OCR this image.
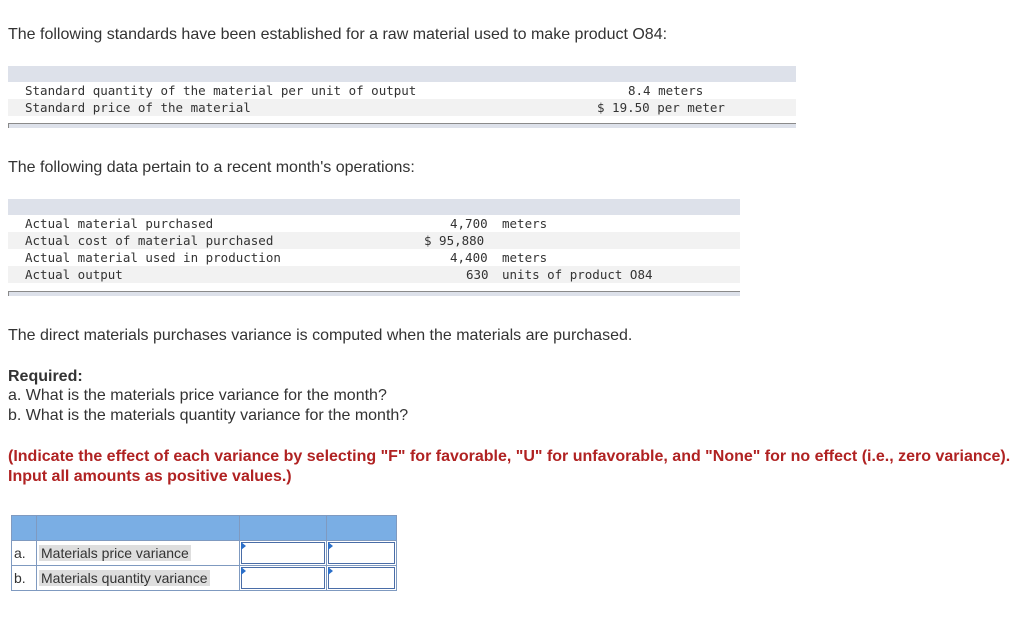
The following standards have been established for a raw material used to make product O84:

Standard quantity of the material per unit of output	8.4 meters
Standard price of the material	$ 19.50 per meter

The following data pertain to a recent month's operations:

Actual material purchased	4,700 meters
Actual cost of material purchased	$ 95,880
Actual material used in production	4,400 meters
Actual output	630 units of product O84

The direct materials purchases variance is computed when the materials are purchased.

Required:

a. What is the materials price variance for the month?

b. What is the materials quantity variance for the month?

(Indicate the effect of each variance by selecting "F" for favorable, "U" for unfavorable, and "None" for no effect (i.e., zero variance). Input all amounts as positive values.)

a.	Materials price variance	

b.	Materials quantity variance	
